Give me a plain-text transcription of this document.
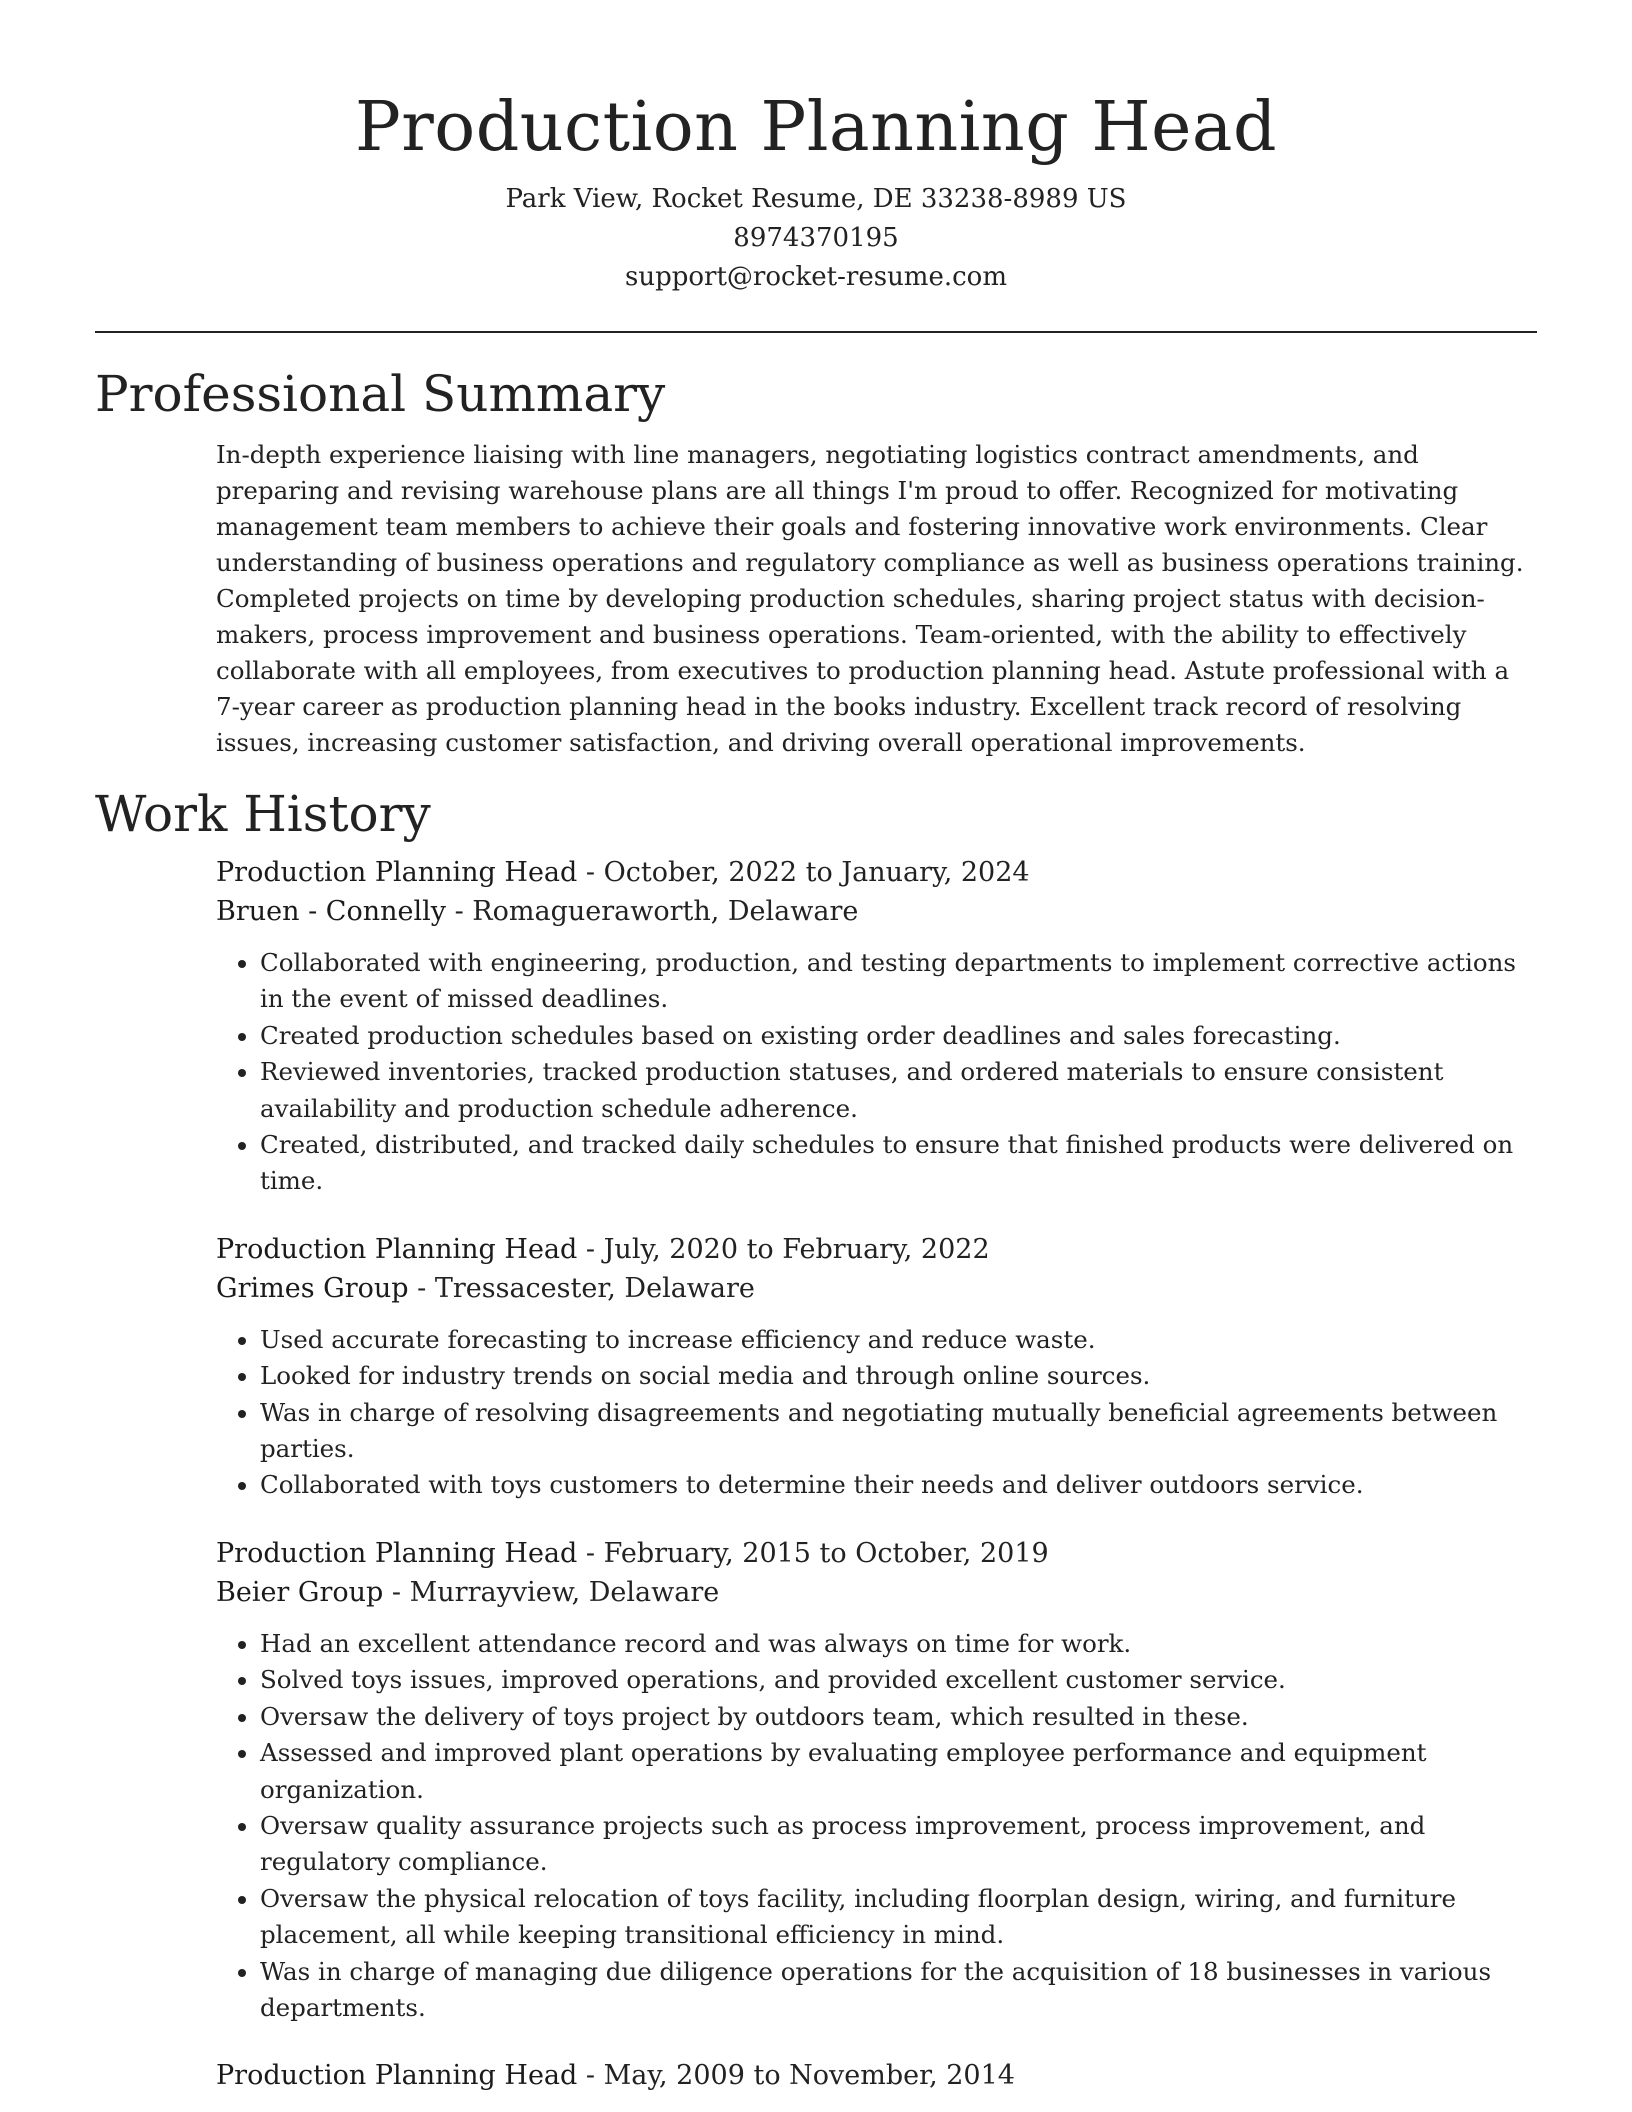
Production Planning Head

Park View, Rocket Resume, DE 33238-8989 US

8974370195

support@rocket-resume.com

Professional Summary

In-depth experience liaising with line managers, negotiating logistics contract amendments, and preparing and revising warehouse plans are all things I'm proud to offer. Recognized for motivating management team members to achieve their goals and fostering innovative work environments. Clear understanding of business operations and regulatory compliance as well as business operations training. Completed projects on time by developing production schedules, sharing project status with decision-makers, process improvement and business operations. Team-oriented, with the ability to effectively collaborate with all employees, from executives to production planning head. Astute professional with a 7-year career as production planning head in the books industry. Excellent track record of resolving issues, increasing customer satisfaction, and driving overall operational improvements.

Work History

Production Planning Head - October, 2022 to January, 2024

Bruen - Connelly - Romagueraworth, Delaware

• Collaborated with engineering, production, and testing departments to implement corrective actions in the event of missed deadlines.
• Created production schedules based on existing order deadlines and sales forecasting.
• Reviewed inventories, tracked production statuses, and ordered materials to ensure consistent availability and production schedule adherence.
• Created, distributed, and tracked daily schedules to ensure that finished products were delivered on time.

Production Planning Head - July, 2020 to February, 2022

Grimes Group - Tressacester, Delaware

• Used accurate forecasting to increase efficiency and reduce waste.
• Looked for industry trends on social media and through online sources.
• Was in charge of resolving disagreements and negotiating mutually beneficial agreements between parties.
• Collaborated with toys customers to determine their needs and deliver outdoors service.

Production Planning Head - February, 2015 to October, 2019

Beier Group - Murrayview, Delaware

• Had an excellent attendance record and was always on time for work.
• Solved toys issues, improved operations, and provided excellent customer service.
• Oversaw the delivery of toys project by outdoors team, which resulted in these.
• Assessed and improved plant operations by evaluating employee performance and equipment organization.
• Oversaw quality assurance projects such as process improvement, process improvement, and regulatory compliance.
• Oversaw the physical relocation of toys facility, including floorplan design, wiring, and furniture placement, all while keeping transitional efficiency in mind.
• Was in charge of managing due diligence operations for the acquisition of 18 businesses in various departments.

Production Planning Head - May, 2009 to November, 2014
